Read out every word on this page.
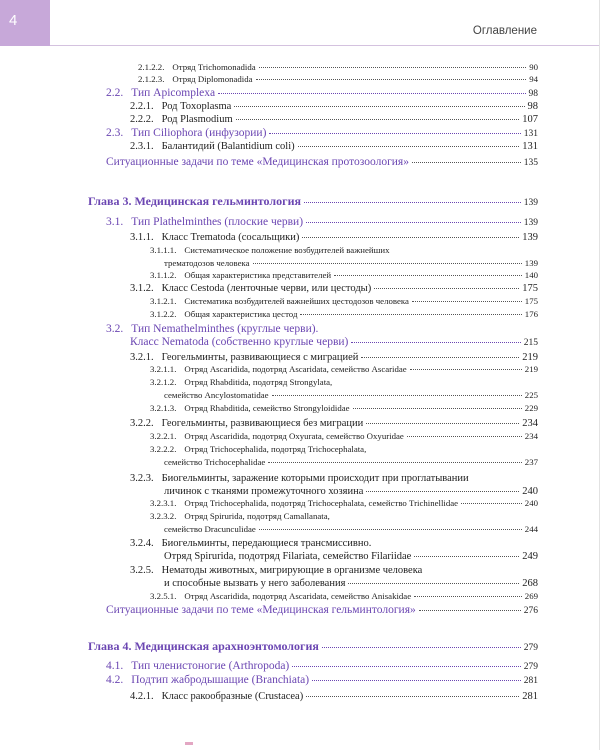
4
Оглавление
2.1.2.2. Отряд Trichomonadida	90
2.1.2.3. Отряд Diplomonadida	94
2.2. Тип Apicomplexa	98
2.2.1. Род Toxoplasma	98
2.2.2. Род Plasmodium	107
2.3. Тип Ciliophora (инфузории)	131
2.3.1. Балантидий (Balantidium coli)	131
Ситуационные задачи по теме «Медицинская протозоология»	135
Глава 3. Медицинская гельминтология	139
3.1. Тип Plathelminthes (плоские черви)	139
3.1.1. Класс Trematoda (сосальщики)	139
3.1.1.1. Систематическое положение возбудителей важнейших
трематодозов человека	139
3.1.1.2. Общая характеристика представителей	140
3.1.2. Класс Cestoda (ленточные черви, или цестоды)	175
3.1.2.1. Систематика возбудителей важнейших цестодозов человека	175
3.1.2.2. Общая характеристика цестод	176
3.2. Тип Nemathelminthes (круглые черви).
Класс Nematoda (собственно круглые черви)	215
3.2.1. Геогельминты, развивающиеся с миграцией	219
3.2.1.1. Отряд Ascaridida, подотряд Ascaridata, семейство Ascaridae	219
3.2.1.2. Отряд Rhabditida, подотряд Strongylata,
семейство Ancylostomatidae	225
3.2.1.3. Отряд Rhabditida, семейство Strongyloididae	229
3.2.2. Геогельминты, развивающиеся без миграции	234
3.2.2.1. Отряд Ascaridida, подотряд Oxyurata, семейство Oxyuridae	234
3.2.2.2. Отряд Trichocephalida, подотряд Trichocephalata,
семейство Trichocephalidae	237
3.2.3. Биогельминты, заражение которыми происходит при проглатывании
личинок с тканями промежуточного хозяина	240
3.2.3.1. Отряд Trichocephalida, подотряд Trichocephalata, семейство Trichinellidae	240
3.2.3.2. Отряд Spirurida, подотряд Camallanata,
семейство Dracunculidae	244
3.2.4. Биогельминты, передающиеся трансмиссивно.
Отряд Spirurida, подотряд Filariata, семейство Filariidae	249
3.2.5. Нематоды животных, мигрирующие в организме человека
и способные вызвать у него заболевания	268
3.2.5.1. Отряд Ascaridida, подотряд Ascaridata, семейство Anisakidae	269
Ситуационные задачи по теме «Медицинская гельминтология»	276
Глава 4. Медицинская арахноэнтомология	279
4.1. Тип членистоногие (Arthropoda)	279
4.2. Подтип жабродышащие (Branchiata)	281
4.2.1. Класс ракообразные (Crustacea)	281
